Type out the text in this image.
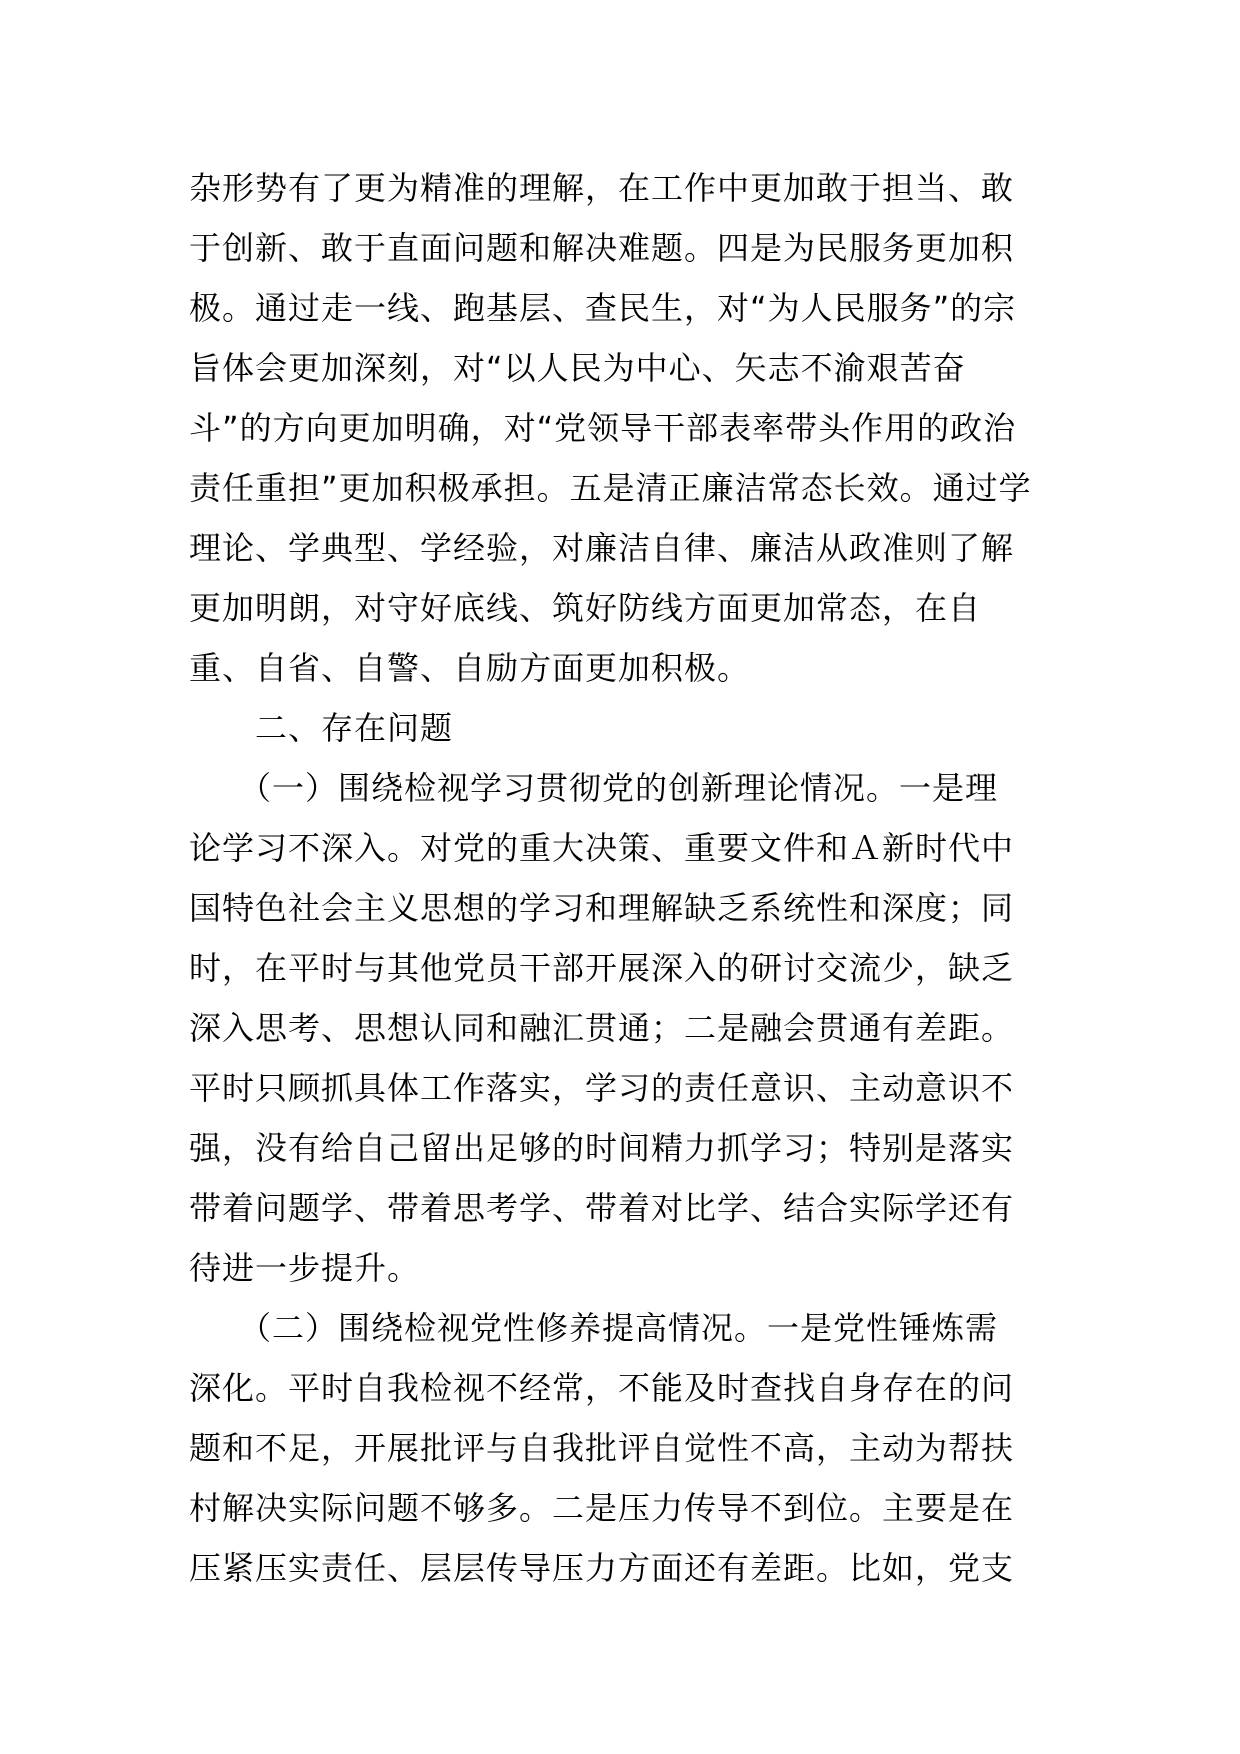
杂形势有了更为精准的理解，在工作中更加敢于担当、敢
于创新、敢于直面问题和解决难题。四是为民服务更加积
极。通过走一线、跑基层、查民生，对“为人民服务”的宗
旨体会更加深刻，对“以人民为中心、矢志不渝艰苦奋
斗”的方向更加明确，对“党领导干部表率带头作用的政治
责任重担”更加积极承担。五是清正廉洁常态长效。通过学
理论、学典型、学经验，对廉洁自律、廉洁从政准则了解
更加明朗，对守好底线、筑好防线方面更加常态，在自
重、自省、自警、自励方面更加积极。
　　二、存在问题
　　（一）围绕检视学习贯彻党的创新理论情况。一是理
论学习不深入。对党的重大决策、重要文件和Ａ新时代中
国特色社会主义思想的学习和理解缺乏系统性和深度；同
时，在平时与其他党员干部开展深入的研讨交流少，缺乏
深入思考、思想认同和融汇贯通；二是融会贯通有差距。
平时只顾抓具体工作落实，学习的责任意识、主动意识不
强，没有给自己留出足够的时间精力抓学习；特别是落实
带着问题学、带着思考学、带着对比学、结合实际学还有
待进一步提升。
　　（二）围绕检视党性修养提高情况。一是党性锤炼需
深化。平时自我检视不经常，不能及时查找自身存在的问
题和不足，开展批评与自我批评自觉性不高，主动为帮扶
村解决实际问题不够多。二是压力传导不到位。主要是在
压紧压实责任、层层传导压力方面还有差距。比如，党支
